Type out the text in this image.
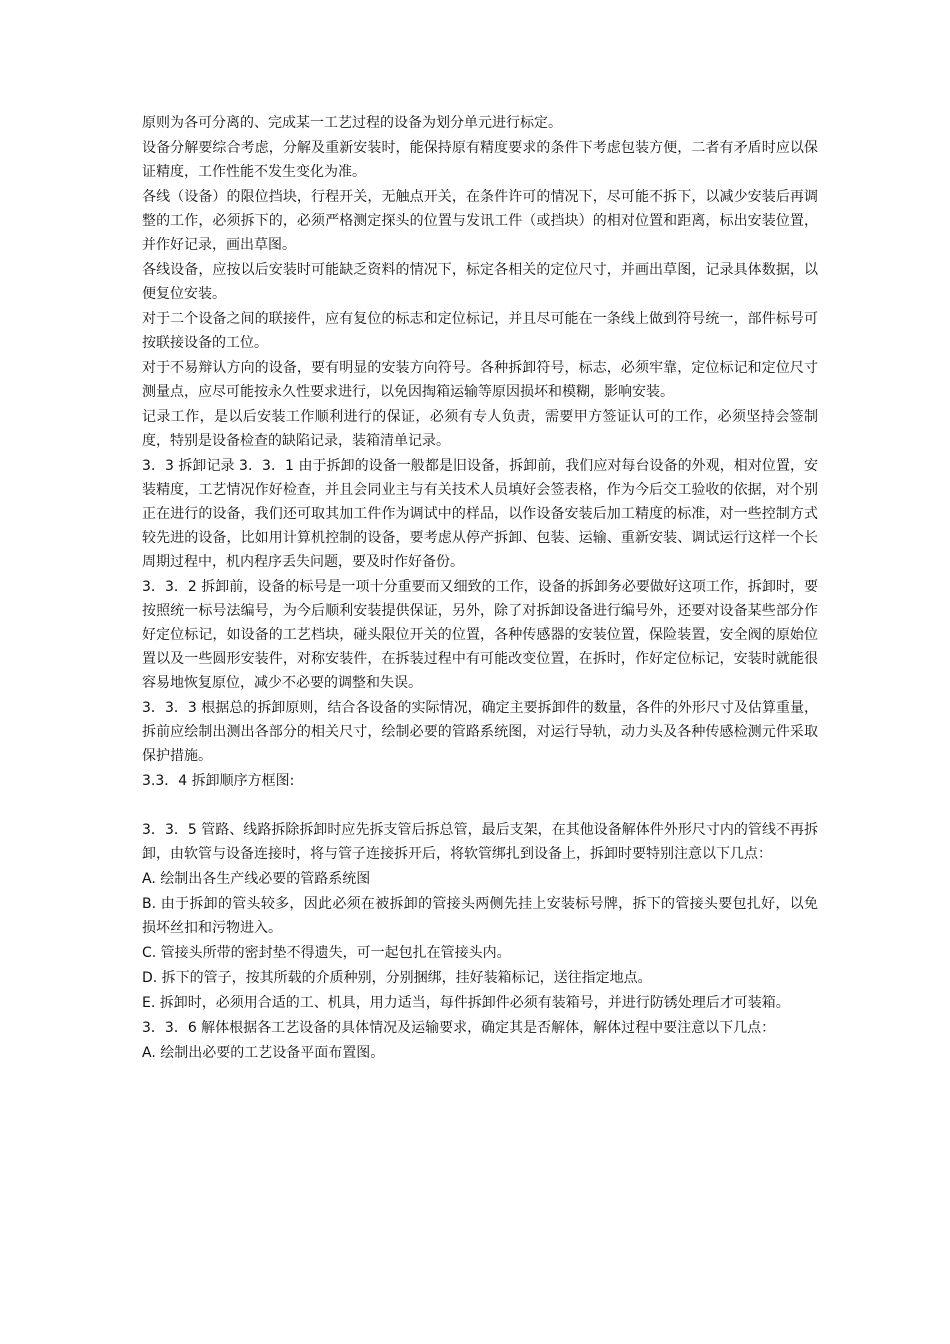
原则为各可分离的、完成某一工艺过程的设备为划分单元进行标定。

设备分解要综合考虑，分解及重新安装时，能保持原有精度要求的条件下考虑包装方便，二者有矛盾时应以保证精度，工作性能不发生变化为准。

各线（设备）的限位挡块，行程开关，无触点开关，在条件许可的情况下，尽可能不拆下，以减少安装后再调整的工作，必须拆下的，必须严格测定探头的位置与发讯工件（或挡块）的相对位置和距离，标出安装位置，并作好记录，画出草图。

各线设备，应按以后安装时可能缺乏资料的情况下，标定各相关的定位尺寸，并画出草图，记录具体数据，以便复位安装。

对于二个设备之间的联接件，应有复位的标志和定位标记，并且尽可能在一条线上做到符号统一，部件标号可按联接设备的工位。

对于不易辩认方向的设备，要有明显的安装方向符号。各种拆卸符号，标志，必须牢靠，定位标记和定位尺寸测量点，应尽可能按永久性要求进行，以免因掏箱运输等原因损坏和模糊，影响安装。

记录工作，是以后安装工作顺利进行的保证，必须有专人负责，需要甲方签证认可的工作，必须坚持会签制度，特别是设备检查的缺陷记录，装箱清单记录。

3．3 拆卸记录 3．3．1 由于拆卸的设备一般都是旧设备，拆卸前，我们应对每台设备的外观，相对位置，安装精度，工艺情况作好检查，并且会同业主与有关技术人员填好会签表格，作为今后交工验收的依据，对个别正在进行的设备，我们还可取其加工件作为调试中的样品，以作设备安装后加工精度的标准，对一些控制方式较先进的设备，比如用计算机控制的设备，要考虑从停产拆卸、包装、运输、重新安装、调试运行这样一个长周期过程中，机内程序丢失问题，要及时作好备份。

3．3．2 拆卸前，设备的标号是一项十分重要而又细致的工作，设备的拆卸务必要做好这项工作，拆卸时，要按照统一标号法编号，为今后顺利安装提供保证，另外，除了对拆卸设备进行编号外，还要对设备某些部分作好定位标记，如设备的工艺档块，碰头限位开关的位置，各种传感器的安装位置，保险装置，安全阀的原始位置以及一些圆形安装件，对称安装件，在拆装过程中有可能改变位置，在拆时，作好定位标记，安装时就能很容易地恢复原位，减少不必要的调整和失误。

3．3．3 根据总的拆卸原则，结合各设备的实际情况，确定主要拆卸件的数量，各件的外形尺寸及估算重量，拆前应绘制出测出各部分的相关尺寸，绘制必要的管路系统图，对运行导轨，动力头及各种传感检测元件采取保护措施。

3.3．4 拆卸顺序方框图:

3．3．5 管路、线路拆除拆卸时应先拆支管后拆总管，最后支架，在其他设备解体件外形尺寸内的管线不再拆卸，由软管与设备连接时，将与管子连接拆开后，将软管绑扎到设备上，拆卸时要特别注意以下几点：

A. 绘制出各生产线必要的管路系统图

B. 由于拆卸的管头较多，因此必须在被拆卸的管接头两侧先挂上安装标号牌，拆下的管接头要包扎好，以免损坏丝扣和污物进入。

C. 管接头所带的密封垫不得遗失，可一起包扎在管接头内。

D. 拆下的管子，按其所载的介质种别，分别捆绑，挂好装箱标记，送往指定地点。

E. 拆卸时，必须用合适的工、机具，用力适当，每件拆卸件必须有装箱号，并进行防锈处理后才可装箱。

3．3．6 解体根据各工艺设备的具体情况及运输要求，确定其是否解体，解体过程中要注意以下几点：

A. 绘制出必要的工艺设备平面布置图。
